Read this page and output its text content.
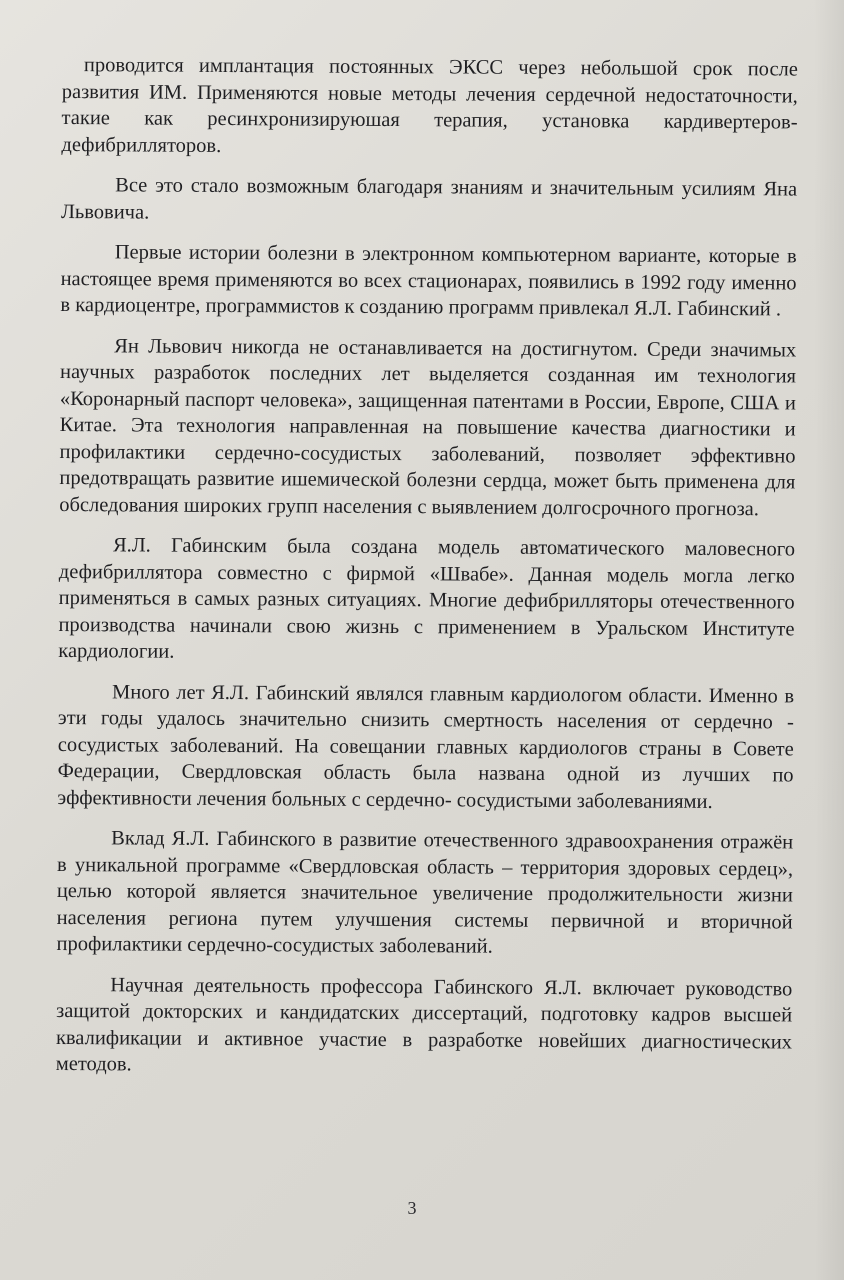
проводится имплантация постоянных ЭКСС через небольшой срок после развития ИМ. Применяются новые методы лечения сердечной недостаточности, такие как ресинхронизируюшая терапия, установка кардивертеров- дефибрилляторов.

Все это стало возможным благодаря знаниям и значительным усилиям Яна Львовича.

Первые истории болезни в электронном компьютерном варианте, которые в настоящее время применяются во всех стационарах, появились в 1992 году именно в кардиоцентре, программистов к созданию программ привлекал Я.Л. Габинский .

Ян Львович никогда не останавливается на достигнутом. Среди значимых научных разработок последних лет выделяется созданная им технология «Коронарный паспорт человека», защищенная патентами в России, Европе, США и Китае. Эта технология направленная на повышение качества диагностики и профилактики сердечно-сосудистых заболеваний, позволяет эффективно предотвращать развитие ишемической болезни сердца, может быть применена для обследования широких групп населения с выявлением долгосрочного прогноза.

Я.Л. Габинским была создана модель автоматического маловесного дефибриллятора совместно с фирмой «Швабе». Данная модель могла легко применяться в самых разных ситуациях. Многие дефибрилляторы отечественного производства начинали свою жизнь с применением в Уральском Институте кардиологии.

Много лет Я.Л. Габинский являлся главным кардиологом области. Именно в эти годы удалось значительно снизить смертность населения от сердечно - сосудистых заболеваний. На совещании главных кардиологов страны в Совете Федерации, Свердловская область была названа одной из лучших по эффективности лечения больных с сердечно- сосудистыми заболеваниями.

Вклад Я.Л. Габинского в развитие отечественного здравоохранения отражён в уникальной программе «Свердловская область – территория здоровых сердец», целью которой является значительное увеличение продолжительности жизни населения региона путем улучшения системы первичной и вторичной профилактики сердечно-сосудистых заболеваний.

Научная деятельность профессора Габинского Я.Л. включает руководство защитой докторских и кандидатских диссертаций, подготовку кадров высшей квалификации и активное участие в разработке новейших диагностических методов.

3
